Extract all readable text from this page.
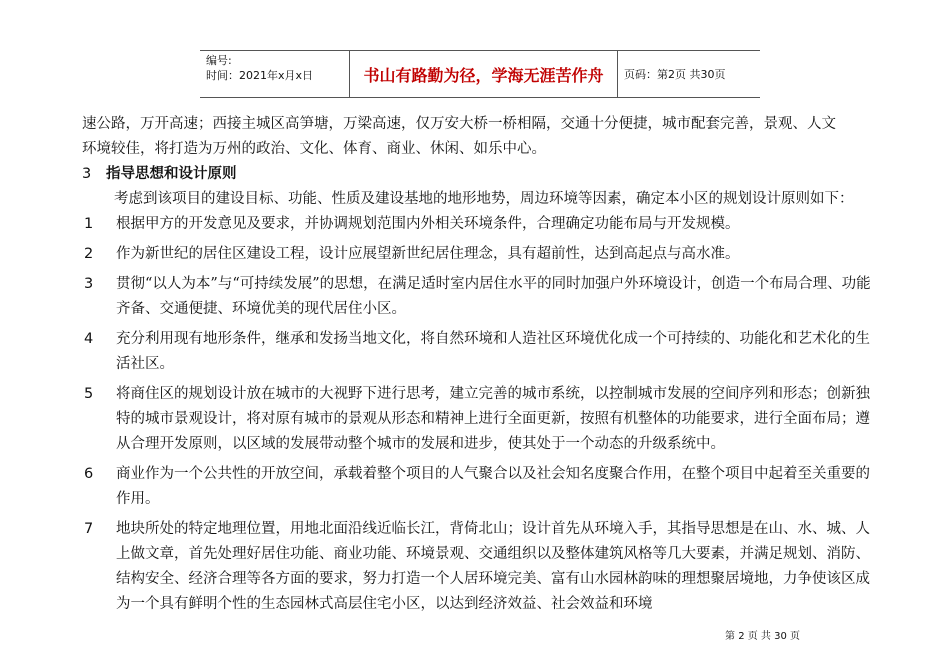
编号:
时间：2021年x月x日	书山有路勤为径，学海无涯苦作舟	页码：第2页 共30页

速公路，万开高速；西接主城区高笋塘，万梁高速，仅万安大桥一桥相隔，交通十分便捷，城市配套完善，景观、人文

环境较佳，将打造为万州的政治、文化、体育、商业、休闲、如乐中心。

3 指导思想和设计原则

考虑到该项目的建设目标、功能、性质及建设基地的地形地势，周边环境等因素，确定本小区的规划设计原则如下：

1	根据甲方的开发意见及要求，并协调规划范围内外相关环境条件，合理确定功能布局与开发规模。
2	作为新世纪的居住区建设工程，设计应展望新世纪居住理念，具有超前性，达到高起点与高水准。
3	贯彻“以人为本”与“可持续发展”的思想，在满足适时室内居住水平的同时加强户外环境设计，创造一个布局合理、功能齐备、交通便捷、环境优美的现代居住小区。
4	充分利用现有地形条件，继承和发扬当地文化，将自然环境和人造社区环境优化成一个可持续的、功能化和艺术化的生活社区。
5	将商住区的规划设计放在城市的大视野下进行思考，建立完善的城市系统，以控制城市发展的空间序列和形态；创新独特的城市景观设计，将对原有城市的景观从形态和精神上进行全面更新，按照有机整体的功能要求，进行全面布局；遵从合理开发原则，以区域的发展带动整个城市的发展和进步，使其处于一个动态的升级系统中。
6	商业作为一个公共性的开放空间，承载着整个项目的人气聚合以及社会知名度聚合作用，在整个项目中起着至关重要的作用。
7	地块所处的特定地理位置，用地北面沿线近临长江，背倚北山；设计首先从环境入手，其指导思想是在山、水、城、人上做文章，首先处理好居住功能、商业功能、环境景观、交通组织以及整体建筑风格等几大要素，并满足规划、消防、结构安全、经济合理等各方面的要求，努力打造一个人居环境完美、富有山水园林韵味的理想聚居境地，力争使该区成为一个具有鲜明个性的生态园林式高层住宅小区，以达到经济效益、社会效益和环境
第 2 页 共 30 页
